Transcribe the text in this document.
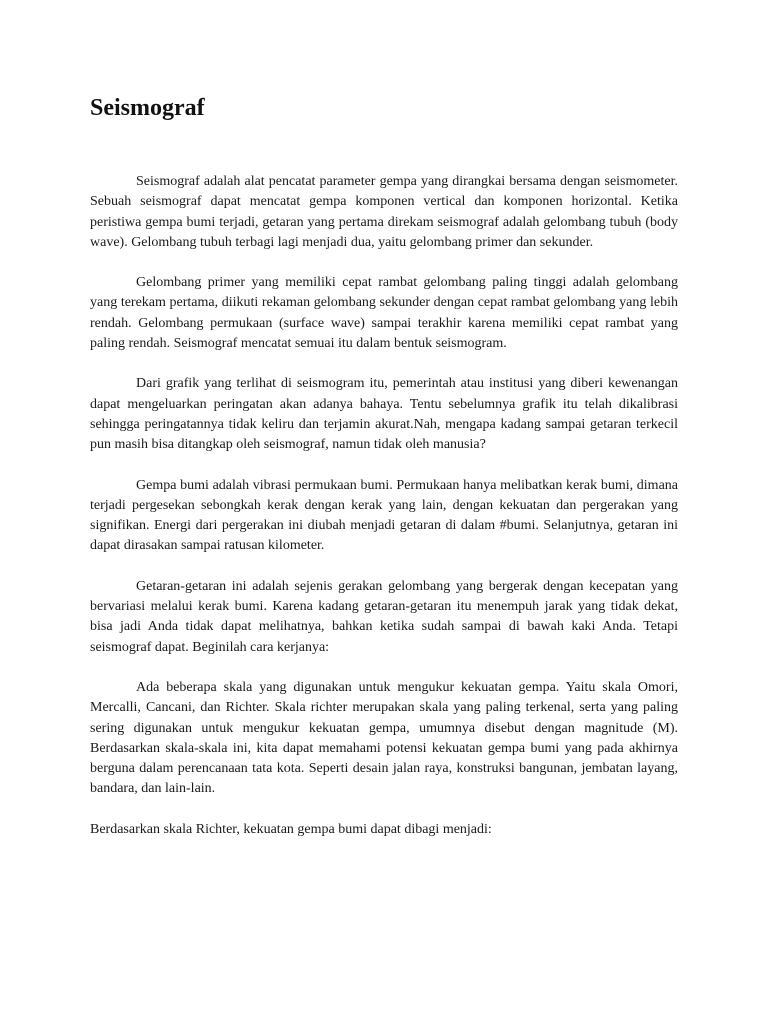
Seismograf

Seismograf adalah alat pencatat parameter gempa yang dirangkai bersama dengan seismometer. Sebuah seismograf dapat mencatat gempa komponen vertical dan komponen horizontal. Ketika peristiwa gempa bumi terjadi, getaran yang pertama direkam seismograf adalah gelombang tubuh (body wave). Gelombang tubuh terbagi lagi menjadi dua, yaitu gelombang primer dan sekunder.

Gelombang primer yang memiliki cepat rambat gelombang paling tinggi adalah gelombang yang terekam pertama, diikuti rekaman gelombang sekunder dengan cepat rambat gelombang yang lebih rendah. Gelombang permukaan (surface wave) sampai terakhir karena memiliki cepat rambat yang paling rendah. Seismograf mencatat semuai itu dalam bentuk seismogram.

Dari grafik yang terlihat di seismogram itu, pemerintah atau institusi yang diberi kewenangan dapat mengeluarkan peringatan akan adanya bahaya. Tentu sebelumnya grafik itu telah dikalibrasi sehingga peringatannya tidak keliru dan terjamin akurat.Nah, mengapa kadang sampai getaran terkecil pun masih bisa ditangkap oleh seismograf, namun tidak oleh manusia?

Gempa bumi adalah vibrasi permukaan bumi. Permukaan hanya melibatkan kerak bumi, dimana terjadi pergesekan sebongkah kerak dengan kerak yang lain, dengan kekuatan dan pergerakan yang signifikan. Energi dari pergerakan ini diubah menjadi getaran di dalam #bumi. Selanjutnya, getaran ini dapat dirasakan sampai ratusan kilometer.

Getaran-getaran ini adalah sejenis gerakan gelombang yang bergerak dengan kecepatan yang bervariasi melalui kerak bumi. Karena kadang getaran-getaran itu menempuh jarak yang tidak dekat, bisa jadi Anda tidak dapat melihatnya, bahkan ketika sudah sampai di bawah kaki Anda. Tetapi seismograf dapat. Beginilah cara kerjanya:

Ada beberapa skala yang digunakan untuk mengukur kekuatan gempa. Yaitu skala Omori, Mercalli, Cancani, dan Richter. Skala richter merupakan skala yang paling terkenal, serta yang paling sering digunakan untuk mengukur kekuatan gempa, umumnya disebut dengan magnitude (M). Berdasarkan skala-skala ini, kita dapat memahami potensi kekuatan gempa bumi yang pada akhirnya berguna dalam perencanaan tata kota. Seperti desain jalan raya, konstruksi bangunan, jembatan layang, bandara, dan lain-lain.

Berdasarkan skala Richter, kekuatan gempa bumi dapat dibagi menjadi:
